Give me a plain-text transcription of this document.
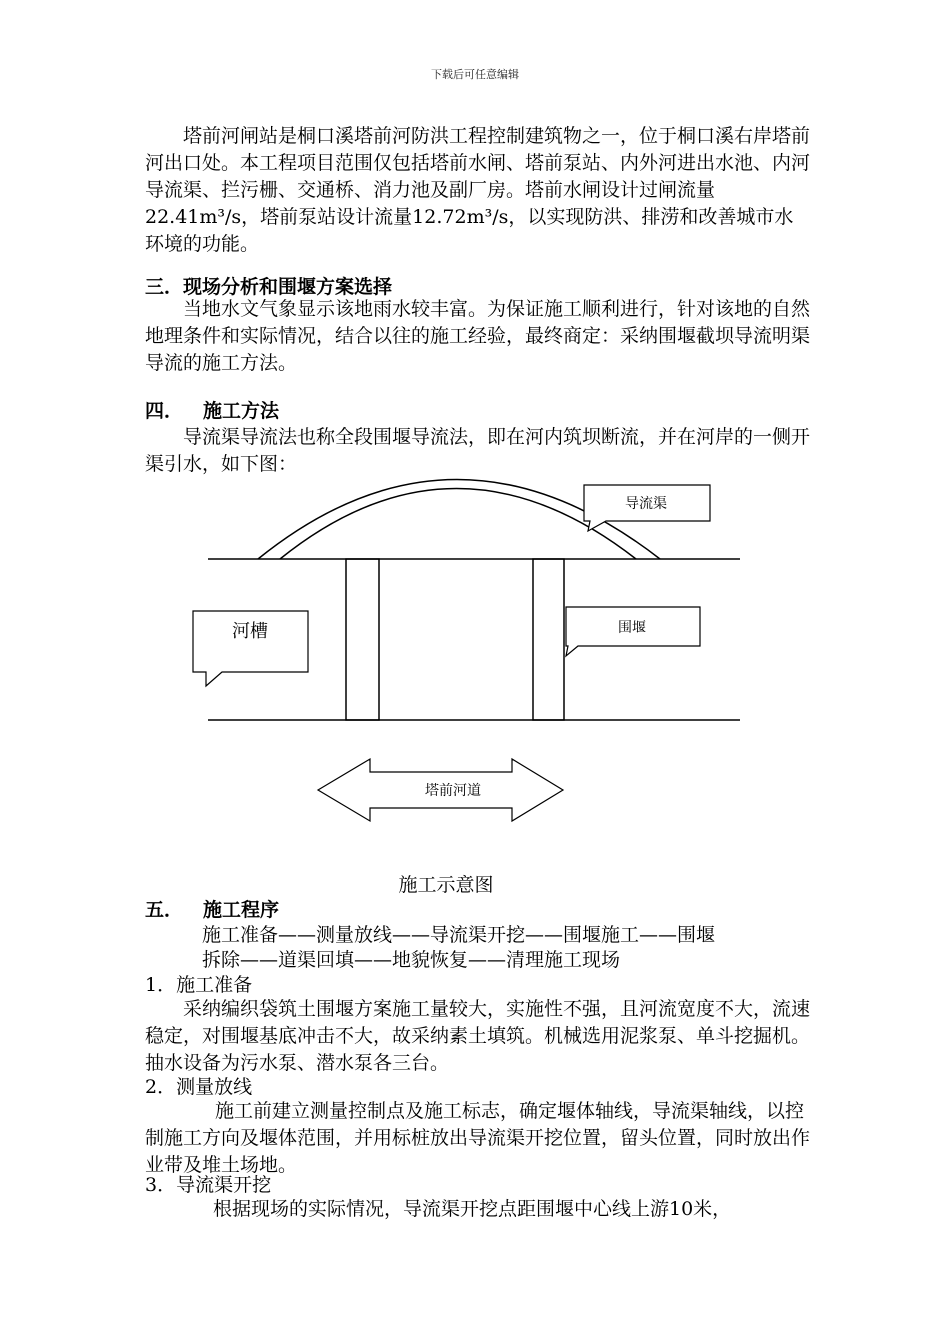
下载后可任意编辑

塔前河闸站是桐口溪塔前河防洪工程控制建筑物之一，位于桐口溪右岸塔前河出口处。本工程项目范围仅包括塔前水闸、塔前泵站、内外河进出水池、内河导流渠、拦污栅、交通桥、消力池及副厂房。塔前水闸设计过闸流量22.41m³/s，塔前泵站设计流量12.72m³/s，以实现防洪、排涝和改善城市水环境的功能。

三．现场分析和围堰方案选择

当地水文气象显示该地雨水较丰富。为保证施工顺利进行，针对该地的自然地理条件和实际情况，结合以往的施工经验，最终商定：采纳围堰截坝导流明渠导流的施工方法。

四． 施工方法

导流渠导流法也称全段围堰导流法，即在河内筑坝断流，并在河岸的一侧开渠引水，如下图：

导流渠
河槽	围堰
塔前河道
施工示意图
五． 施工程序

施工准备——测量放线——导流渠开挖——围堰施工——围堰

拆除——道渠回填——地貌恢复——清理施工现场

1．施工准备

采纳编织袋筑土围堰方案施工量较大，实施性不强，且河流宽度不大，流速稳定，对围堰基底冲击不大，故采纳素土填筑。机械选用泥浆泵、单斗挖掘机。抽水设备为污水泵、潜水泵各三台。

2．测量放线

施工前建立测量控制点及施工标志，确定堰体轴线，导流渠轴线，以控制施工方向及堰体范围，并用标桩放出导流渠开挖位置，留头位置，同时放出作业带及堆土场地。

3．导流渠开挖

根据现场的实际情况，导流渠开挖点距围堰中心线上游10米，
